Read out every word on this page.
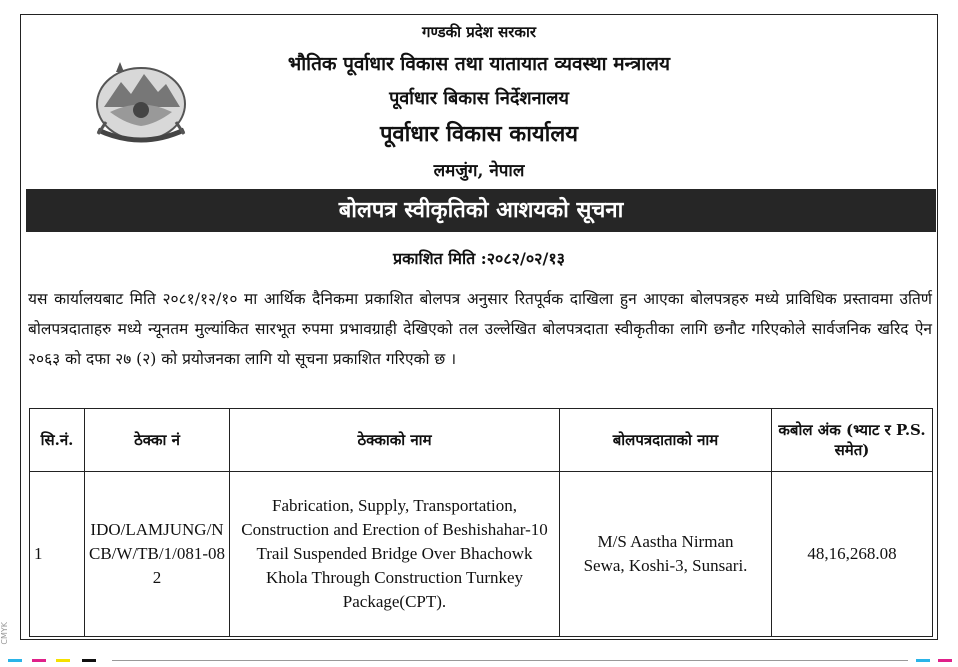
गण्डकी प्रदेश सरकार
भौतिक पूर्वाधार विकास तथा यातायात व्यवस्था मन्त्रालय
पूर्वाधार बिकास निर्देशनालय
पूर्वाधार विकास कार्यालय
लमजुंग, नेपाल
बोलपत्र स्वीकृतिको आशयको सूचना
प्रकाशित मिति :२०८२/०२/१३
यस कार्यालयबाट मिति २०८१/१२/१० मा आर्थिक दैनिकमा प्रकाशित बोलपत्र अनुसार रितपूर्वक दाखिला हुन आएका बोलपत्रहरु मध्ये प्राविधिक प्रस्तावमा उतिर्ण बोलपत्रदाताहरु मध्ये न्यूनतम मुल्यांकित सारभूत रुपमा प्रभावग्राही देखिएको तल उल्लेखित बोलपत्रदाता स्वीकृतीका लागि छनौट गरिएकोले सार्वजनिक खरिद ऐन २०६३ को दफा २७ (२) को प्रयोजनका लागि यो सूचना प्रकाशित गरिएको छ ।
सि.नं.	ठेक्का नं	ठेक्काको नाम	बोलपत्रदाताको नाम	कबोल अंक (भ्याट र P.S. समेत)
1	IDO/LAMJUNG/NCB/W/TB/1/081-082	Fabrication, Supply, Transportation, Construction and Erection of Beshishahar-10 Trail Suspended Bridge Over Bhachowk Khola Through Construction Turnkey Package(CPT).	M/S Aastha Nirman Sewa, Koshi-3, Sunsari.	48,16,268.08
CMYK
